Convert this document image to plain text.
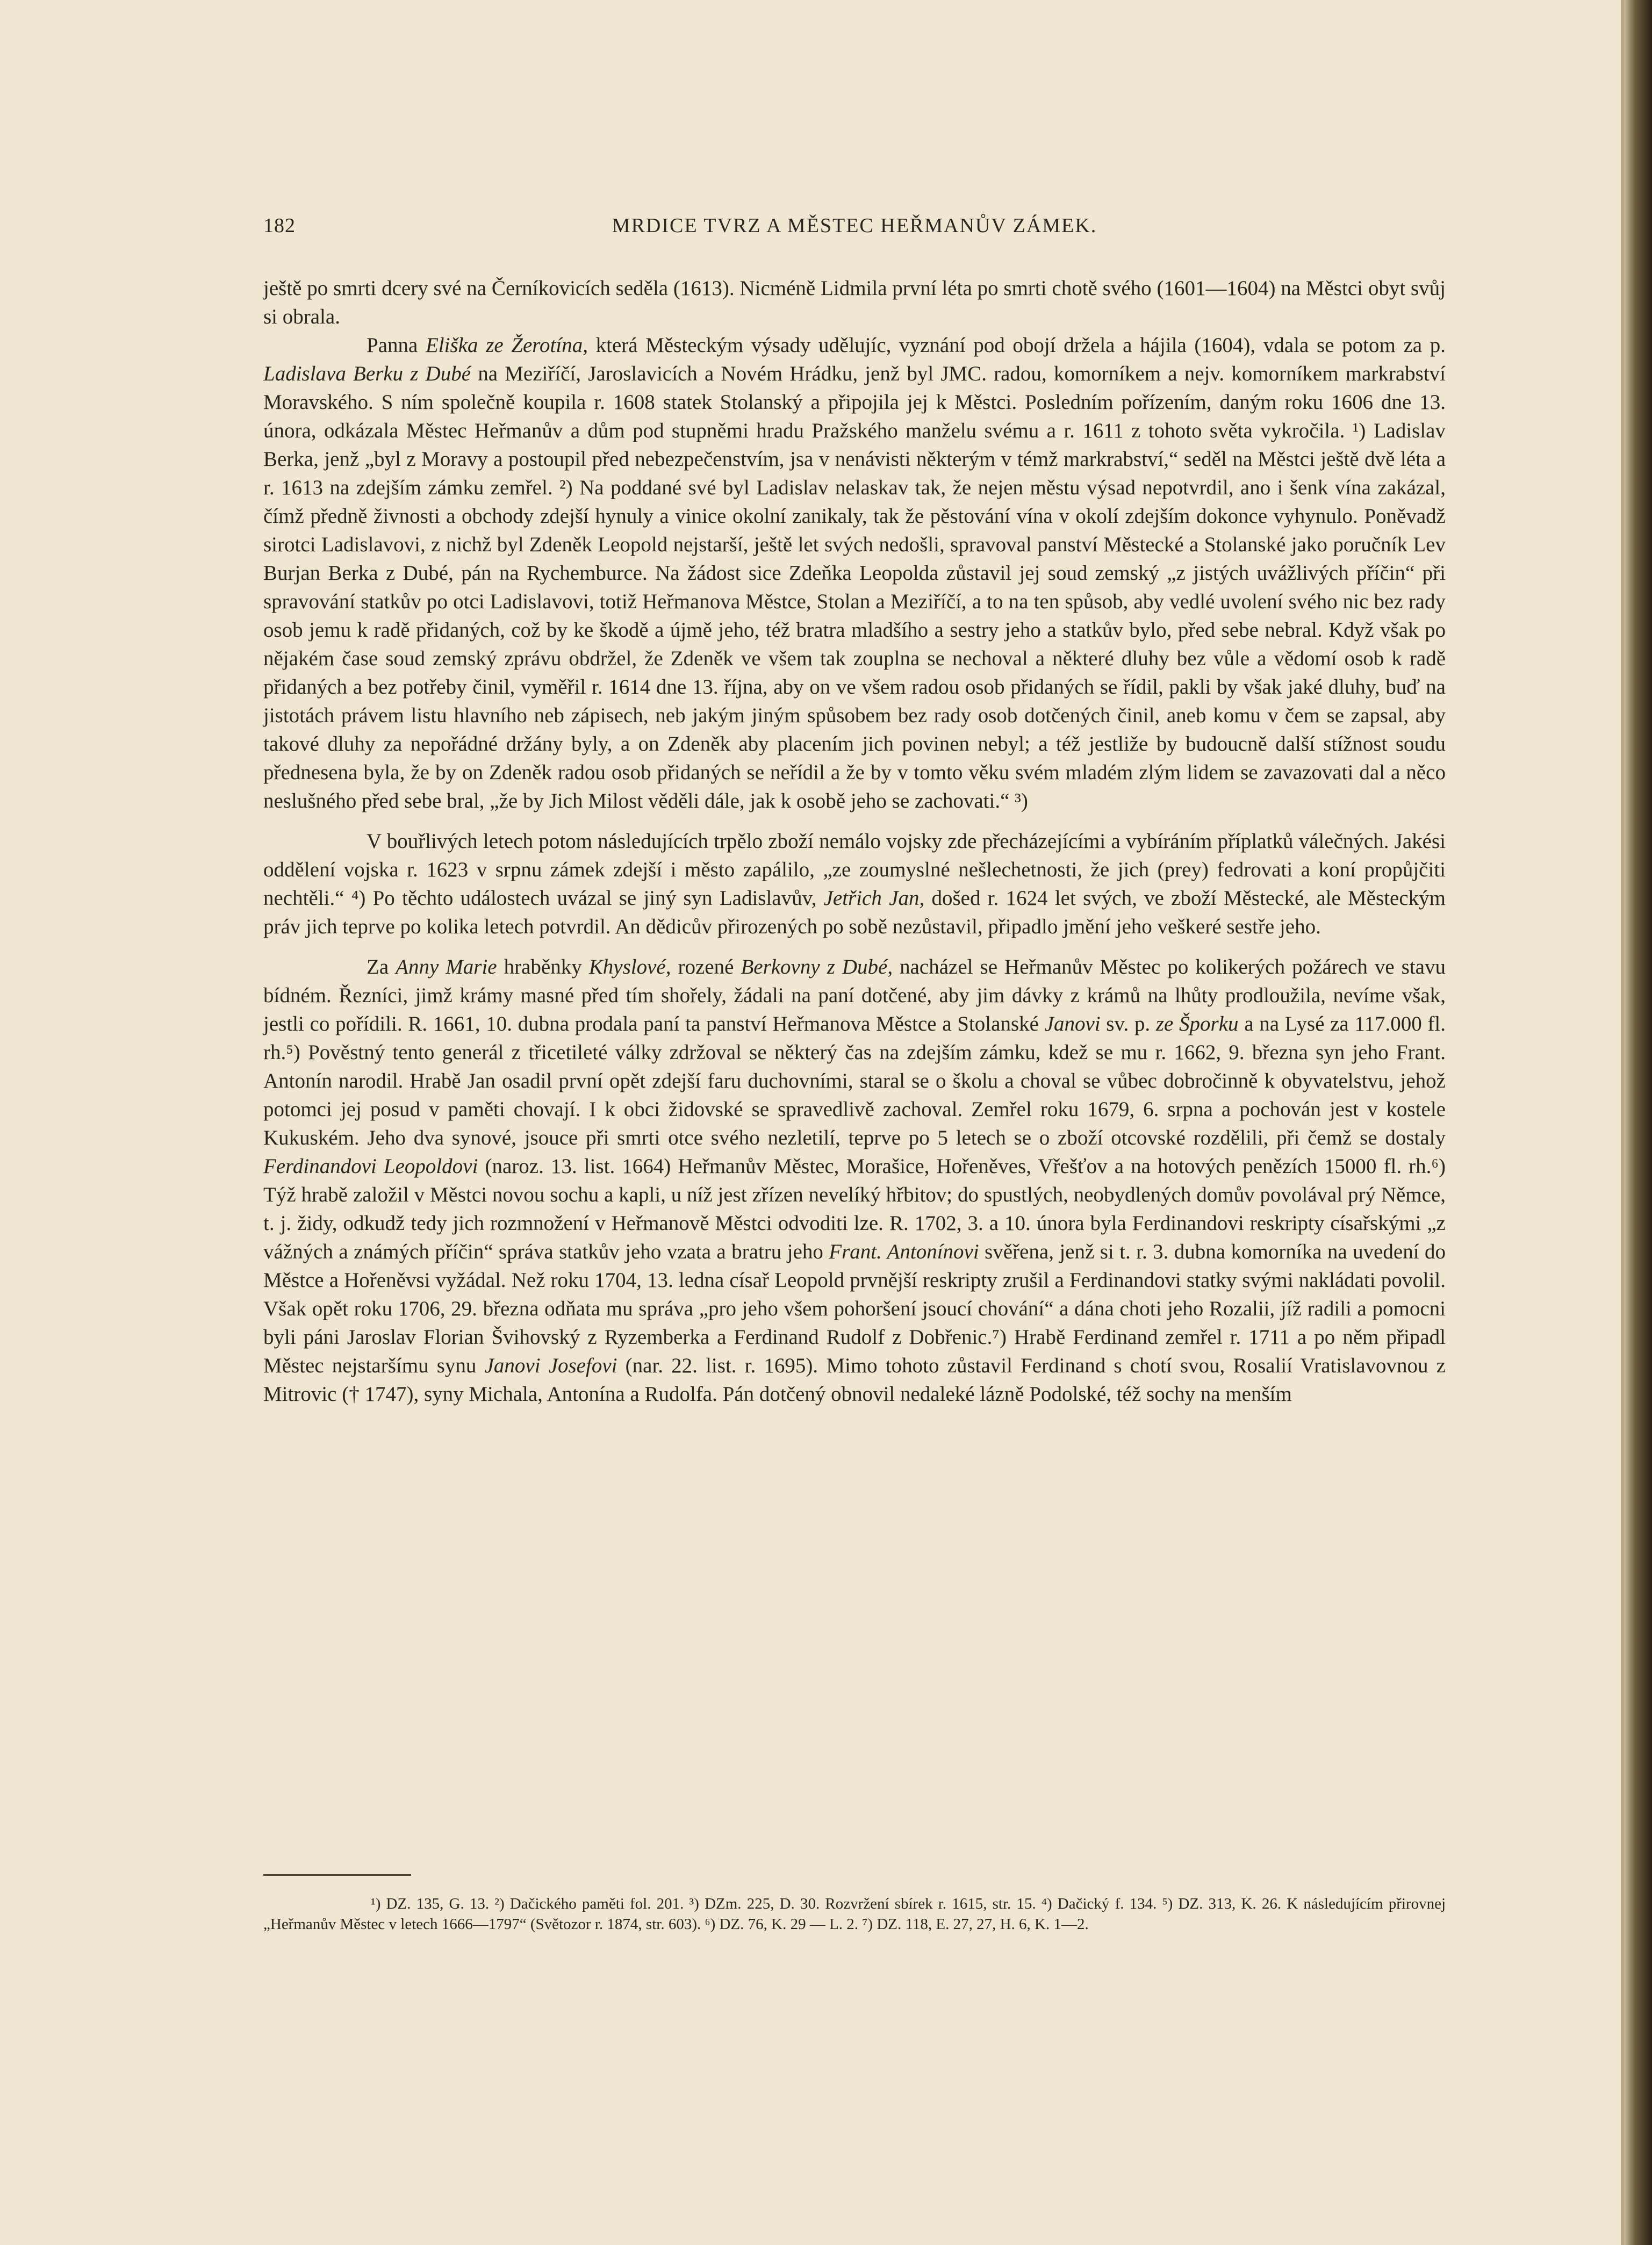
182	MRDICE TVRZ A MĚSTEC HEŘMANŮV ZÁMEK.

ještě po smrti dcery své na Černíkovicích seděla (1613). Nicméně Lidmila první léta po smrti chotě svého (1601—1604) na Městci obyt svůj si obrala.

Panna Eliška ze Žerotína, která Městeckým výsady udělujíc, vyznání pod obojí držela a hájila (1604), vdala se potom za p. Ladislava Berku z Dubé na Meziříčí, Jaroslavicích a Novém Hrádku, jenž byl JMC. radou, komorníkem a nejv. komorníkem markrabství Moravského. S ním společně koupila r. 1608 statek Stolanský a připojila jej k Městci. Posledním pořízením, daným roku 1606 dne 13. února, odkázala Městec Heřmanův a dům pod stupněmi hradu Pražského manželu svému a r. 1611 z tohoto světa vykročila. ¹) Ladislav Berka, jenž „byl z Moravy a postoupil před nebezpečenstvím, jsa v nenávisti některým v témž markrabství,“ seděl na Městci ještě dvě léta a r. 1613 na zdejším zámku zemřel. ²) Na poddané své byl Ladislav nelaskav tak, že nejen městu výsad nepotvrdil, ano i šenk vína zakázal, čímž předně živnosti a obchody zdejší hynuly a vinice okolní zanikaly, tak že pěstování vína v okolí zdejším dokonce vyhynulo. Poněvadž sirotci Ladislavovi, z nichž byl Zdeněk Leopold nejstarší, ještě let svých nedošli, spravoval panství Městecké a Stolanské jako poručník Lev Burjan Berka z Dubé, pán na Rychemburce. Na žádost sice Zdeňka Leopolda zůstavil jej soud zemský „z jistých uvážlivých příčin“ při spravování statkův po otci Ladislavovi, totiž Heřmanova Městce, Stolan a Meziříčí, a to na ten spůsob, aby vedlé uvolení svého nic bez rady osob jemu k radě přidaných, což by ke škodě a újmě jeho, též bratra mladšího a sestry jeho a statkův bylo, před sebe nebral. Když však po nějakém čase soud zemský zprávu obdržel, že Zdeněk ve všem tak zouplna se nechoval a některé dluhy bez vůle a vědomí osob k radě přidaných a bez potřeby činil, vyměřil r. 1614 dne 13. října, aby on ve všem radou osob přidaných se řídil, pakli by však jaké dluhy, buď na jistotách právem listu hlavního neb zápisech, neb jakým jiným spůsobem bez rady osob dotčených činil, aneb komu v čem se zapsal, aby takové dluhy za nepořádné držány byly, a on Zdeněk aby placením jich povinen nebyl; a též jestliže by budoucně další stížnost soudu přednesena byla, že by on Zdeněk radou osob přidaných se neřídil a že by v tomto věku svém mladém zlým lidem se zavazovati dal a něco neslušného před sebe bral, „že by Jich Milost věděli dále, jak k osobě jeho se zachovati.“ ³)

V bouřlivých letech potom následujících trpělo zboží nemálo vojsky zde přecházejícími a vybíráním příplatků válečných. Jakési oddělení vojska r. 1623 v srpnu zámek zdejší i město zapálilo, „ze zoumyslné nešlechetnosti, že jich (prey) fedrovati a koní propůjčiti nechtěli.“ ⁴) Po těchto událostech uvázal se jiný syn Ladislavův, Jetřich Jan, došed r. 1624 let svých, ve zboží Městecké, ale Městeckým práv jich teprve po kolika letech potvrdil. An dědicův přirozených po sobě nezůstavil, připadlo jmění jeho veškeré sestře jeho.

Za Anny Marie hraběnky Khyslové, rozené Berkovny z Dubé, nacházel se Heřmanův Městec po kolikerých požárech ve stavu bídném. Řezníci, jimž krámy masné před tím shořely, žádali na paní dotčené, aby jim dávky z krámů na lhůty prodloužila, nevíme však, jestli co pořídili. R. 1661, 10. dubna prodala paní ta panství Heřmanova Městce a Stolanské Janovi sv. p. ze Šporku a na Lysé za 117.000 fl. rh.⁵) Pověstný tento generál z třicetileté války zdržoval se některý čas na zdejším zámku, kdež se mu r. 1662, 9. března syn jeho Frant. Antonín narodil. Hrabě Jan osadil první opět zdejší faru duchovními, staral se o školu a choval se vůbec dobročinně k obyvatelstvu, jehož potomci jej posud v paměti chovají. I k obci židovské se spravedlivě zachoval. Zemřel roku 1679, 6. srpna a pochován jest v kostele Kukuském. Jeho dva synové, jsouce při smrti otce svého nezletilí, teprve po 5 letech se o zboží otcovské rozdělili, při čemž se dostaly Ferdinandovi Leopoldovi (naroz. 13. list. 1664) Heřmanův Městec, Morašice, Hořeněves, Vřešťov a na hotových penězích 15000 fl. rh.⁶) Týž hrabě založil v Městci novou sochu a kapli, u níž jest zřízen nevelíký hřbitov; do spustlých, neobydlených domův povolával prý Němce, t. j. židy, odkudž tedy jich rozmnožení v Heřmanově Městci odvoditi lze. R. 1702, 3. a 10. února byla Ferdinandovi reskripty císařskými „z vážných a známých příčin“ správa statkův jeho vzata a bratru jeho Frant. Antonínovi svěřena, jenž si t. r. 3. dubna komorníka na uvedení do Městce a Hořeněvsi vyžádal. Než roku 1704, 13. ledna císař Leopold prvnější reskripty zrušil a Ferdinandovi statky svými nakládati povolil. Však opět roku 1706, 29. března odňata mu správa „pro jeho všem pohoršení jsoucí chování“ a dána choti jeho Rozalii, jíž radili a pomocni byli páni Jaroslav Florian Švihovský z Ryzemberka a Ferdinand Rudolf z Dobřenic.⁷) Hrabě Ferdinand zemřel r. 1711 a po něm připadl Městec nejstaršímu synu Janovi Josefovi (nar. 22. list. r. 1695). Mimo tohoto zůstavil Ferdinand s chotí svou, Rosalií Vratislavovnou z Mitrovic († 1747), syny Michala, Antonína a Rudolfa. Pán dotčený obnovil nedaleké lázně Podolské, též sochy na menším

¹) DZ. 135, G. 13. ²) Dačického paměti fol. 201. ³) DZm. 225, D. 30. Rozvržení sbírek r. 1615, str. 15. ⁴) Dačický f. 134. ⁵) DZ. 313, K. 26. K následujícím přirovnej „Heřmanův Městec v letech 1666—1797“ (Světozor r. 1874, str. 603). ⁶) DZ. 76, K. 29 — L. 2. ⁷) DZ. 118, E. 27, 27, H. 6, K. 1—2.
